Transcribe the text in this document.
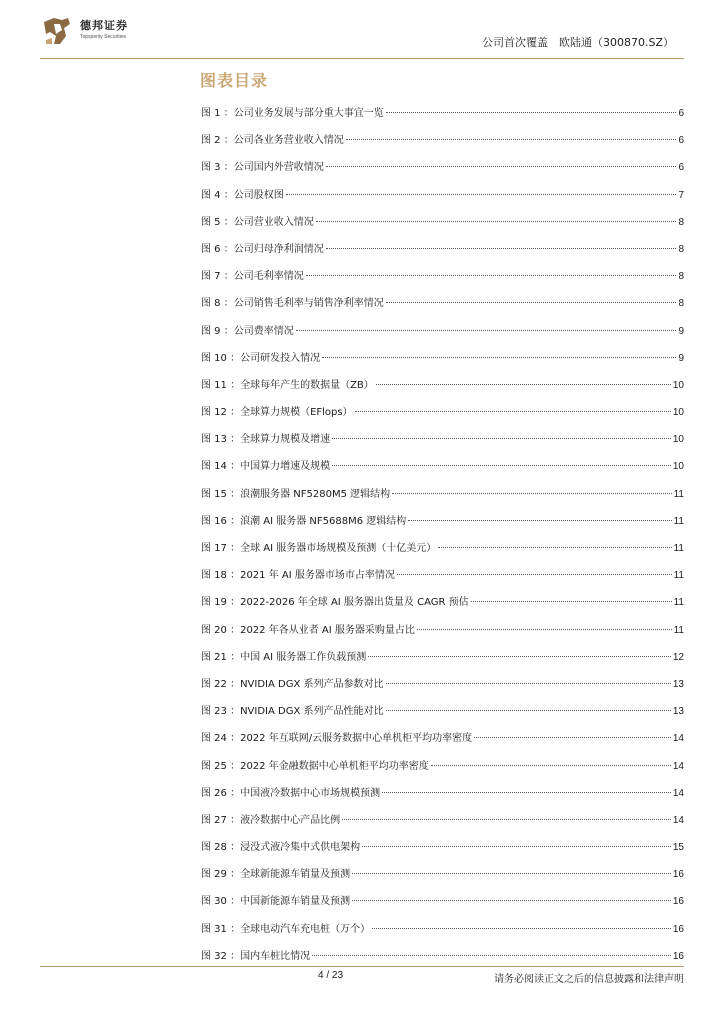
德邦证券
Topsperity Securities	公司首次覆盖　欧陆通（300870.SZ）
图表目录
图 1 ：公司业务发展与部分重大事宜一览	6
图 2 ：公司各业务营业收入情况	6
图 3 ：公司国内外营收情况	6
图 4 ：公司股权图	7
图 5 ：公司营业收入情况	8
图 6 ：公司归母净利润情况	8
图 7 ：公司毛利率情况	8
图 8 ：公司销售毛利率与销售净利率情况	8
图 9 ：公司费率情况	9
图 10 ：公司研发投入情况	9
图 11 ：全球每年产生的数据量（ZB）	10
图 12 ：全球算力规模（EFlops）	10
图 13 ：全球算力规模及增速	10
图 14 ：中国算力增速及规模	10
图 15 ：浪潮服务器 NF5280M5 逻辑结构	11
图 16 ：浪潮 AI 服务器 NF5688M6 逻辑结构	11
图 17 ：全球 AI 服务器市场规模及预测（十亿美元）	11
图 18 ：2021 年 AI 服务器市场市占率情况	11
图 19 ：2022-2026 年全球 AI 服务器出货量及 CAGR 预估	11
图 20 ：2022 年各从业者 AI 服务器采购量占比	11
图 21 ：中国 AI 服务器工作负载预测	12
图 22 ：NVIDIA DGX 系列产品参数对比	13
图 23 ：NVIDIA DGX 系列产品性能对比	13
图 24 ：2022 年互联网/云服务数据中心单机柜平均功率密度	14
图 25 ：2022 年金融数据中心单机柜平均功率密度	14
图 26 ：中国液冷数据中心市场规模预测	14
图 27 ：液冷数据中心产品比例	14
图 28 ：浸没式液冷集中式供电架构	15
图 29 ：全球新能源车销量及预测	16
图 30 ：中国新能源车销量及预测	16
图 31 ：全球电动汽车充电桩（万个）	16
图 32 ：国内车桩比情况	16
4 / 23	请务必阅读正文之后的信息披露和法律声明
